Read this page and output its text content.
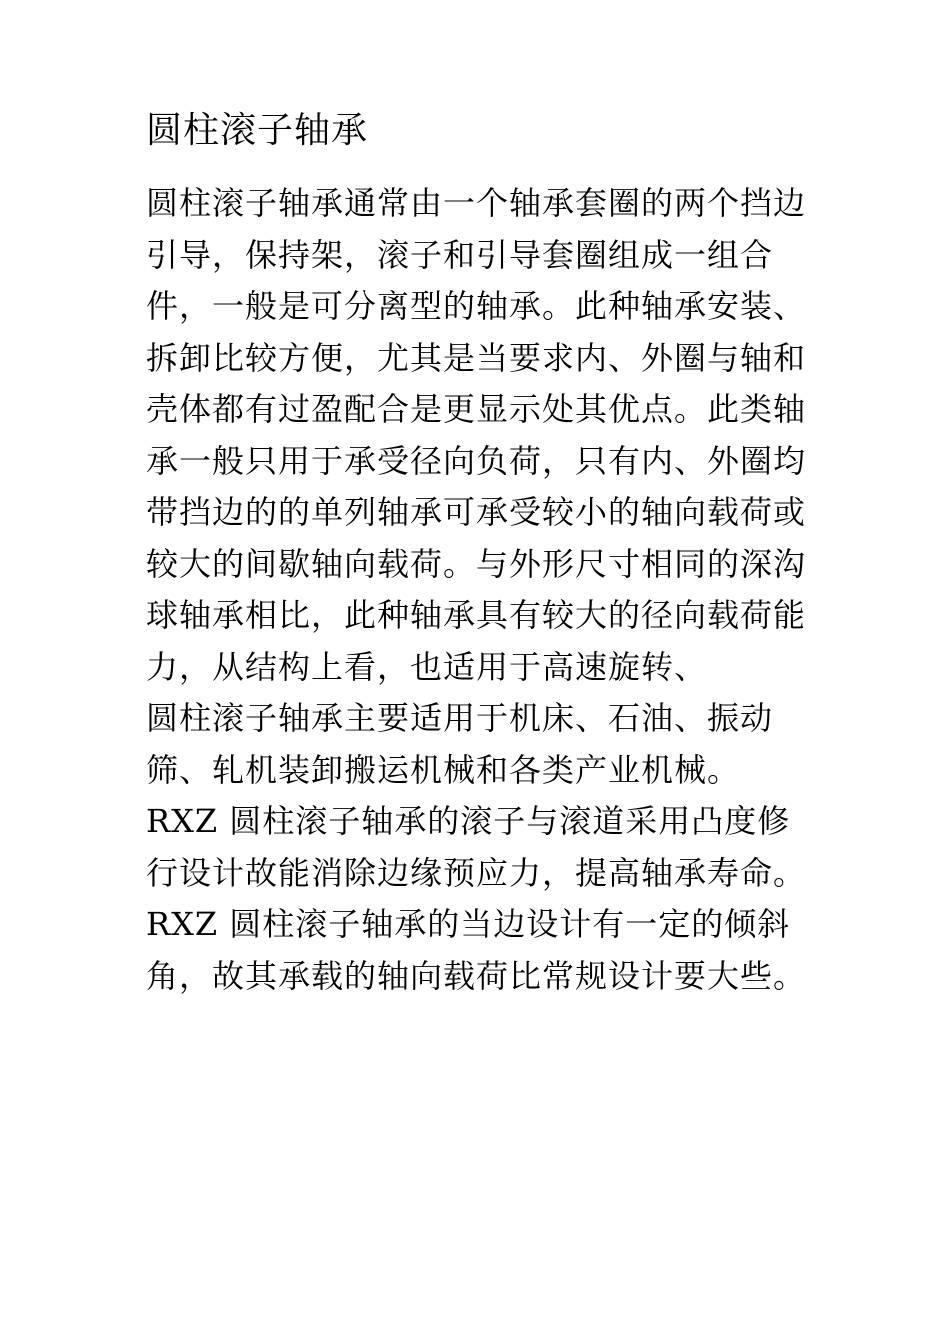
圆柱滚子轴承

圆柱滚子轴承通常由一个轴承套圈的两个挡边引导，保持架，滚子和引导套圈组成一组合件，一般是可分离型的轴承。此种轴承安装、拆卸比较方便，尤其是当要求内、外圈与轴和壳体都有过盈配合是更显示处其优点。此类轴承一般只用于承受径向负荷，只有内、外圈均带挡边的的单列轴承可承受较小的轴向载荷或较大的间歇轴向载荷。与外形尺寸相同的深沟球轴承相比，此种轴承具有较大的径向载荷能力，从结构上看，也适用于高速旋转、

圆柱滚子轴承主要适用于机床、石油、振动筛、轧机装卸搬运机械和各类产业机械。

RXZ 圆柱滚子轴承的滚子与滚道采用凸度修行设计故能消除边缘预应力，提高轴承寿命。

RXZ 圆柱滚子轴承的当边设计有一定的倾斜角，故其承载的轴向载荷比常规设计要大些。
